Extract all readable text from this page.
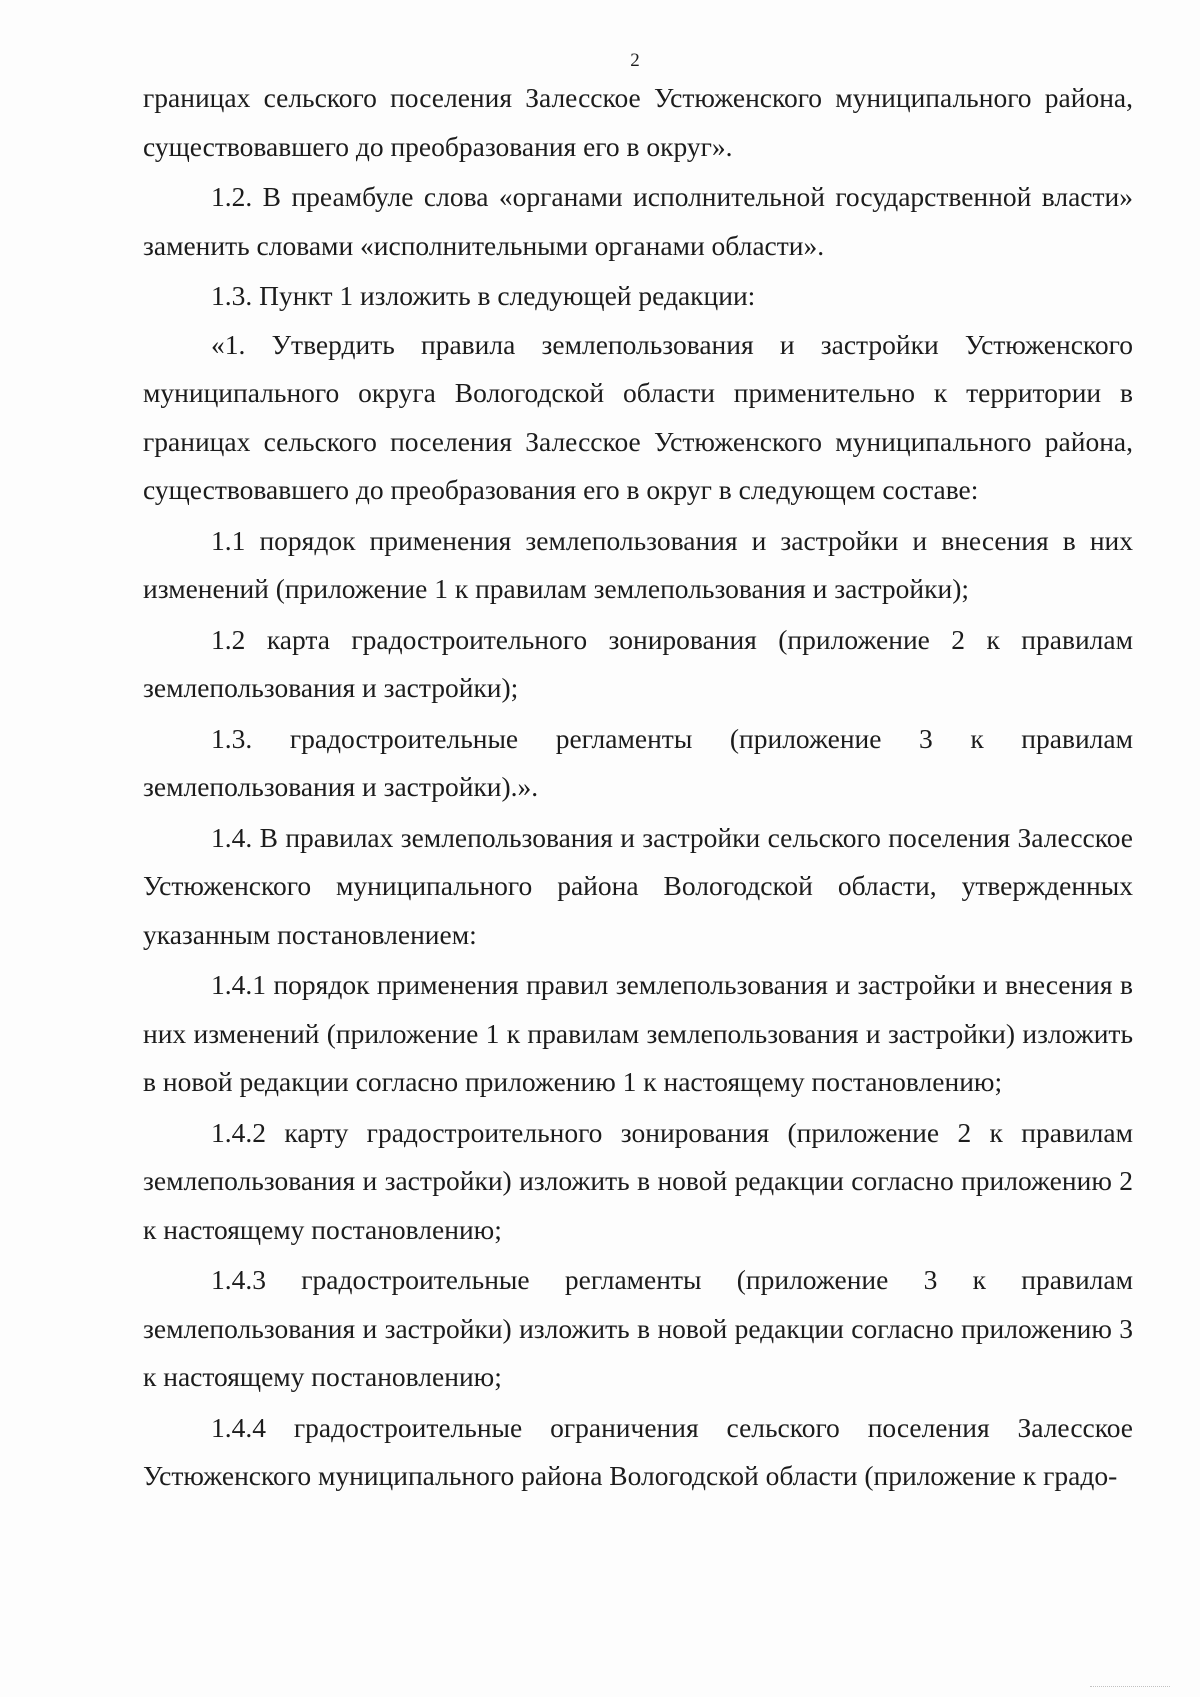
2

границах сельского поселения Залесское Устюженского муниципального района, существовавшего до преобразования его в округ».

1.2. В преамбуле слова «органами исполнительной государственной власти» заменить словами «исполнительными органами области».

1.3. Пункт 1 изложить в следующей редакции:

«1. Утвердить правила землепользования и застройки Устюженского муниципального округа Вологодской области применительно к территории в границах сельского поселения Залесское Устюженского муниципального района, существовавшего до преобразования его в округ в следующем составе:

1.1 порядок применения землепользования и застройки и внесения в них изменений (приложение 1 к правилам землепользования и застройки);

1.2 карта градостроительного зонирования (приложение 2 к правилам землепользования и застройки);

1.3. градостроительные регламенты (приложение 3 к правилам землепользования и застройки).».

1.4. В правилах землепользования и застройки сельского поселения Залесское Устюженского муниципального района Вологодской области, утвержденных указанным постановлением:

1.4.1 порядок применения правил землепользования и застройки и внесения в них изменений (приложение 1 к правилам землепользования и застройки) изложить в новой редакции согласно приложению 1 к настоящему постановлению;

1.4.2 карту градостроительного зонирования (приложение 2 к правилам землепользования и застройки) изложить в новой редакции согласно приложению 2 к настоящему постановлению;

1.4.3 градостроительные регламенты (приложение 3 к правилам землепользования и застройки) изложить в новой редакции согласно приложению 3 к настоящему постановлению;

1.4.4 градостроительные ограничения сельского поселения Залесское Устюженского муниципального района Вологодской области (приложение к градо-
